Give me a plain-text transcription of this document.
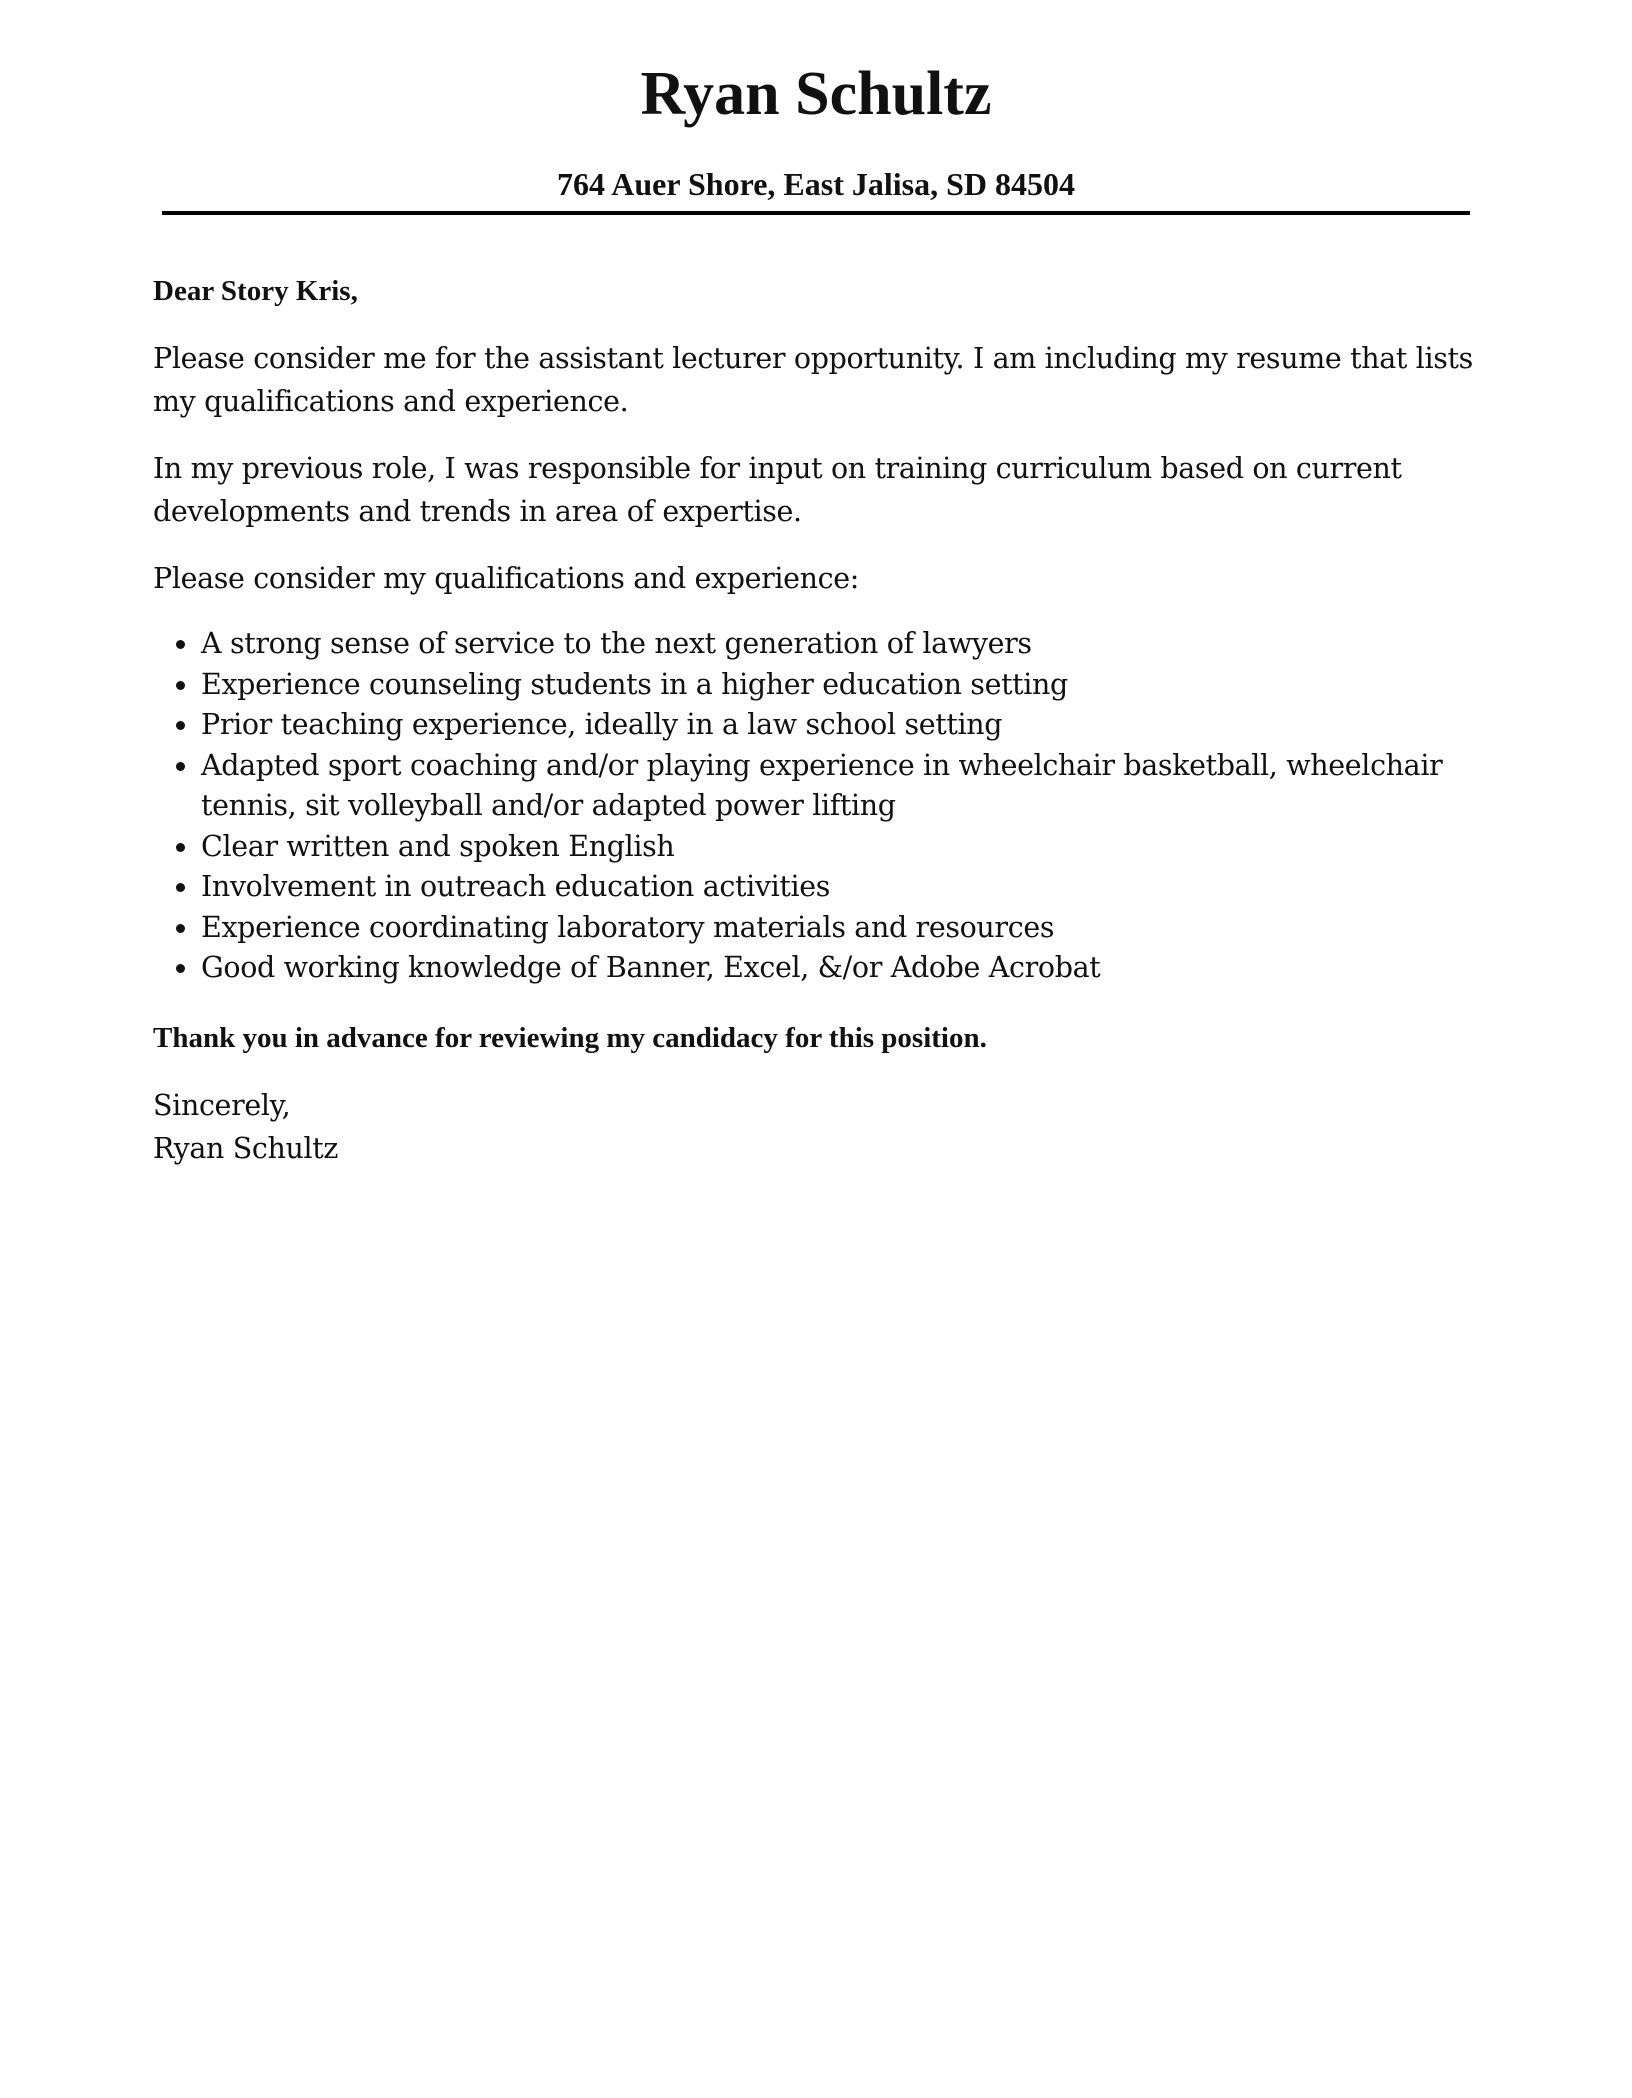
Ryan Schultz
764 Auer Shore, East Jalisa, SD 84504

Dear Story Kris,

Please consider me for the assistant lecturer opportunity. I am including my resume that lists my qualifications and experience.

In my previous role, I was responsible for input on training curriculum based on current developments and trends in area of expertise.

Please consider my qualifications and experience:

A strong sense of service to the next generation of lawyers
Experience counseling students in a higher education setting
Prior teaching experience, ideally in a law school setting
Adapted sport coaching and/or playing experience in wheelchair basketball, wheelchair tennis, sit volleyball and/or adapted power lifting
Clear written and spoken English
Involvement in outreach education activities
Experience coordinating laboratory materials and resources
Good working knowledge of Banner, Excel, &/or Adobe Acrobat

Thank you in advance for reviewing my candidacy for this position.

Sincerely,

Ryan Schultz
